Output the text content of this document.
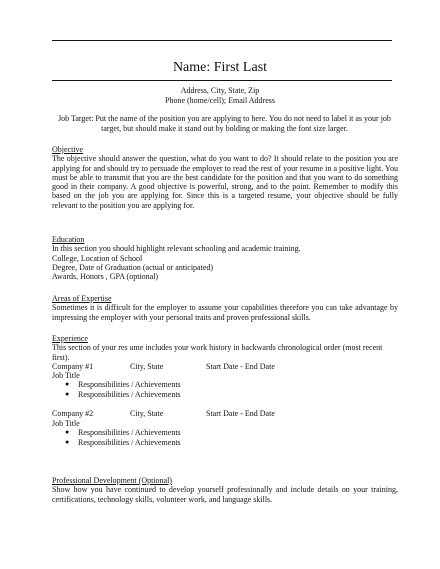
Name: First Last
Address, City, State, Zip
Phone (home/cell); Email Address
Job Target: Put the name of the position you are applying to here. You do not need to label it as your job target, but should make it stand out by bolding or making the font size larger.
Objective
The objective should answer the question, what do you want to do? It should relate to the position you are applying for and should try to persuade the employer to read the rest of your resume in a positive light. You must be able to transmit that you are the best candidate for the position and that you want to do something good in their company. A good objective is powerful, strong, and to the point. Remember to modify this based on the job you are applying for. Since this is a targeted resume, your objective should be fully relevant to the position you are applying for.
Education
In this section you should highlight relevant schooling and academic training.
College, Location of School
Degree, Date of Graduation (actual or anticipated)
Awards, Honors , GPA (optional)
Areas of Expertise
Sometimes it is difficult for the employer to assume your capabilities therefore you can take advantage by impressing the employer with your personal traits and proven professional skills.
Experience
This section of your res ume includes your work history in backwards chronological order (most recent first).
Company #1	City, State	Start Date - End Date
Job Title
● Responsibilities / Achievements
● Responsibilities / Achievements
Company #2	City, State	Start Date - End Date
Job Title
● Responsibilities / Achievements
● Responsibilities / Achievements
Professional Development (Optional)
Show how you have continued to develop yourself professionally and include details on your training, certifications, technology skills, volunteer work, and language skills.
